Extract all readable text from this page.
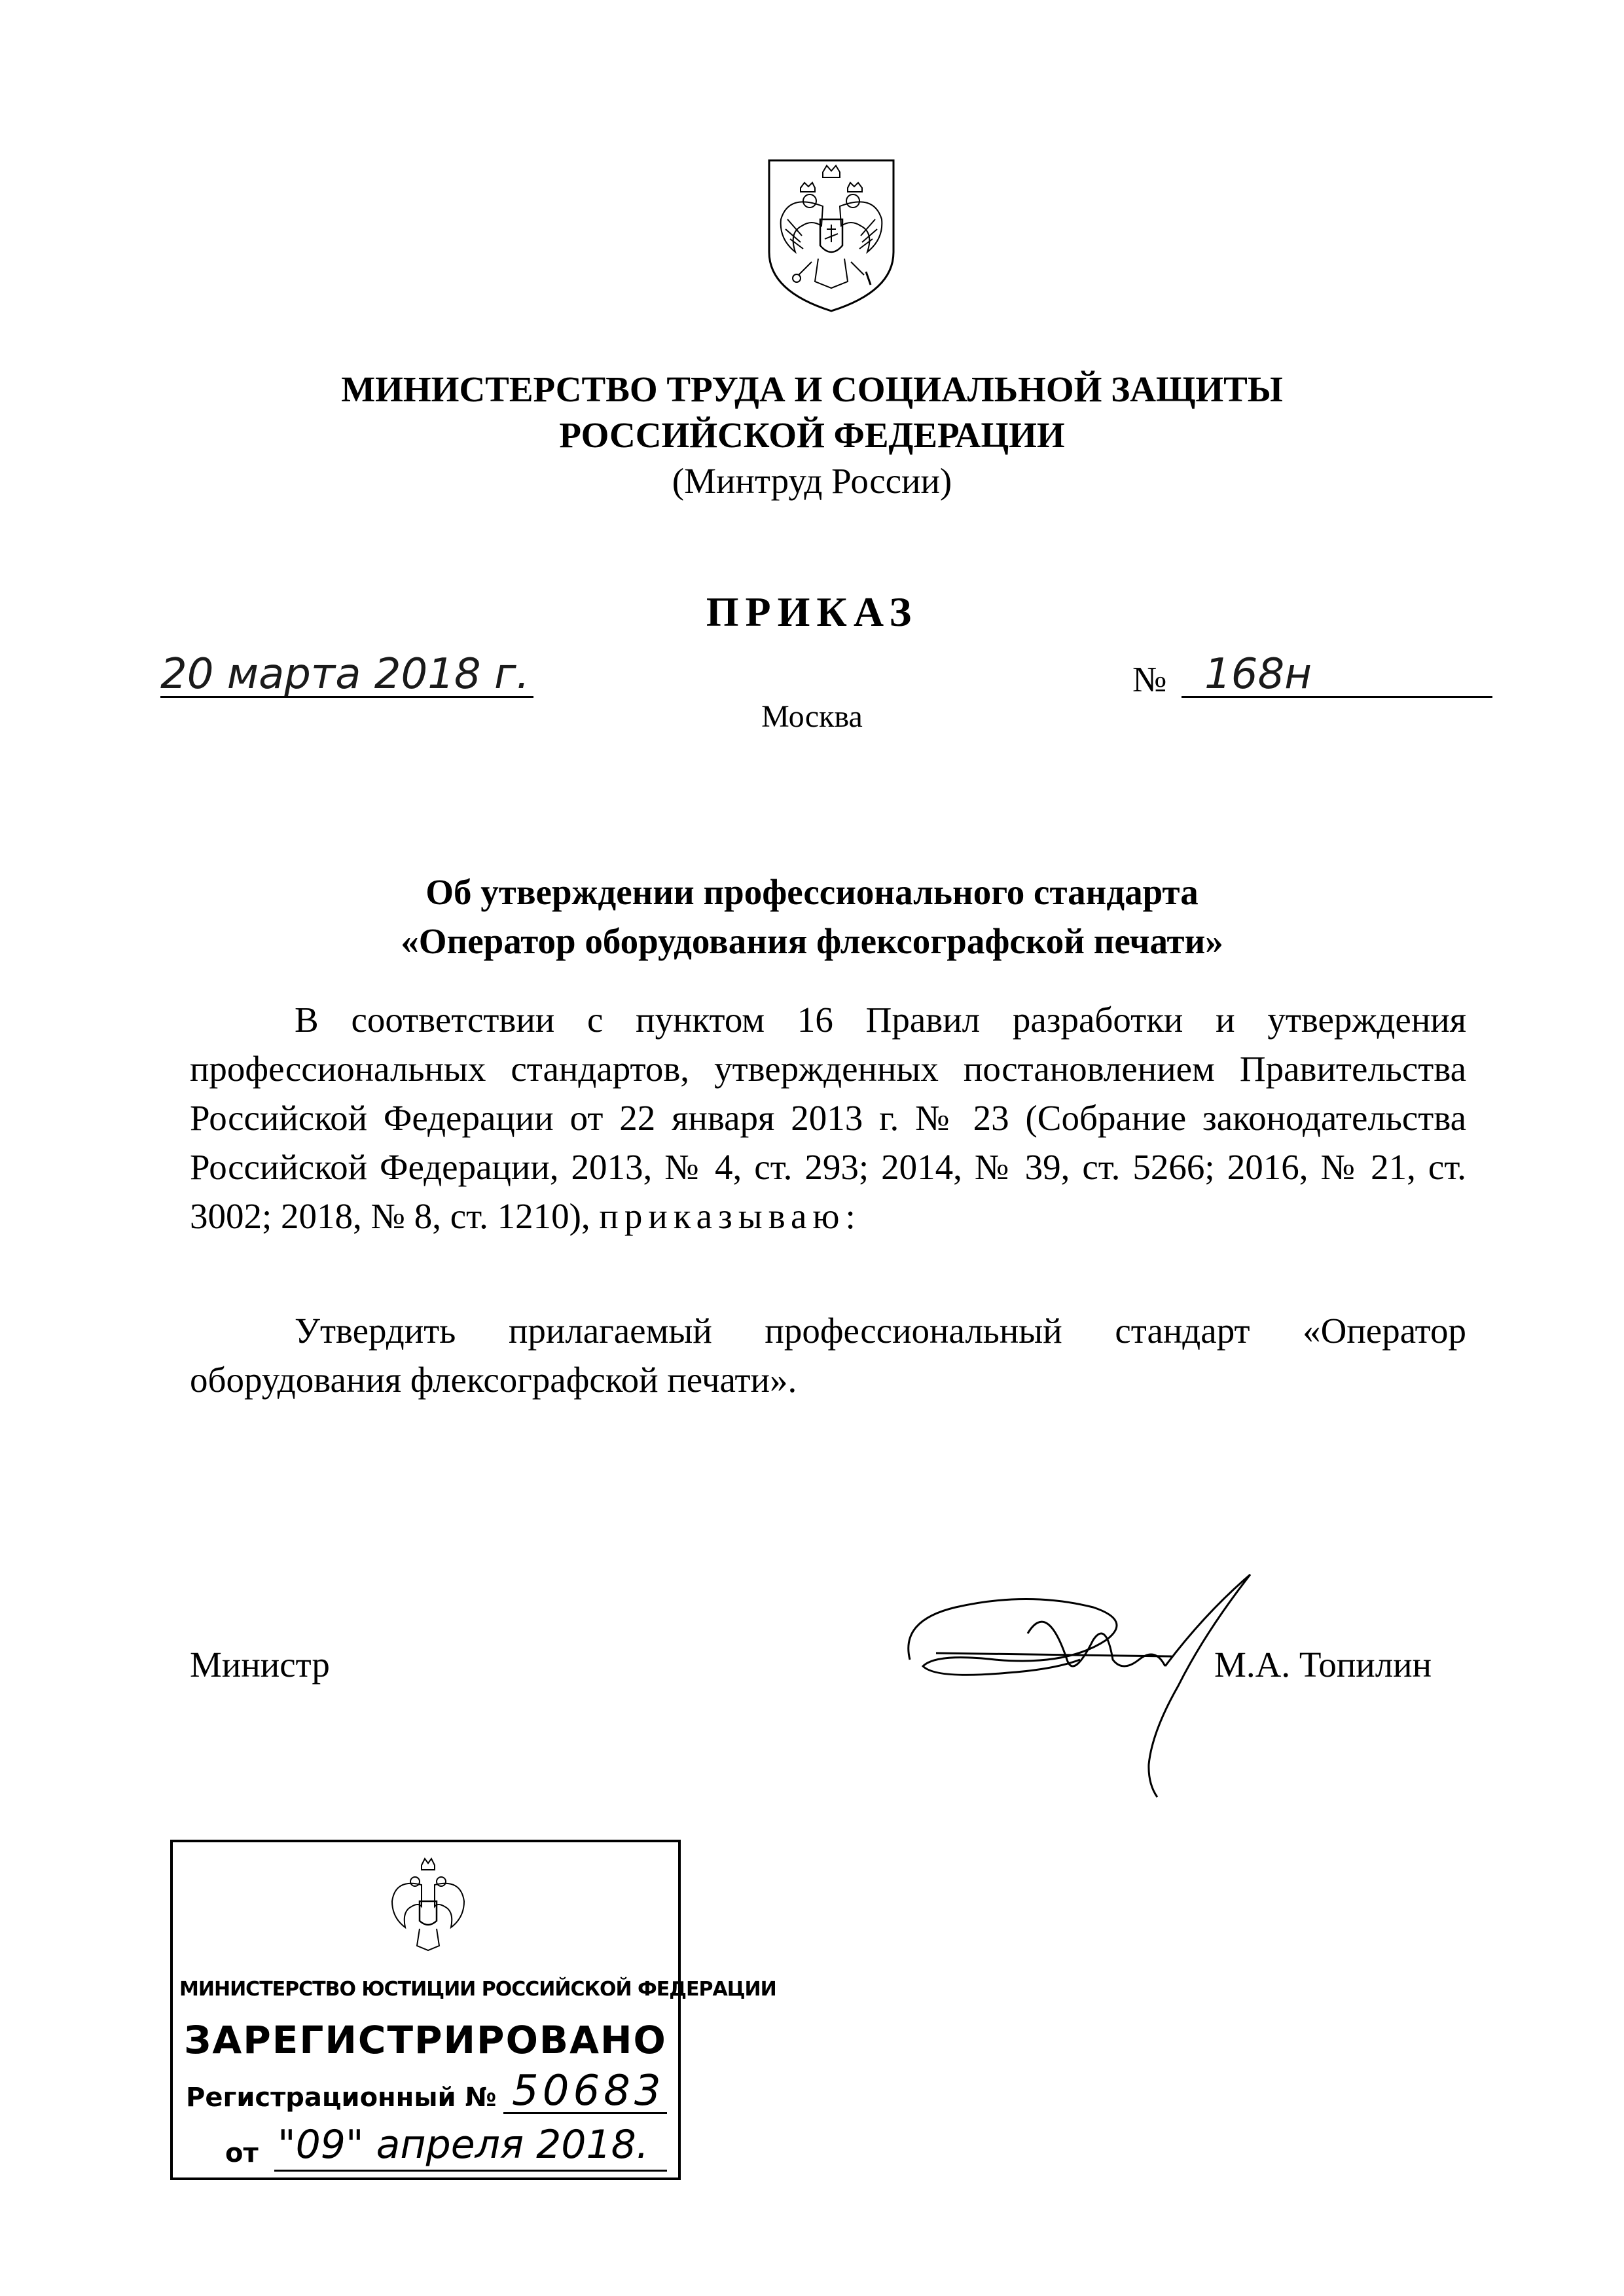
МИНИСТЕРСТВО ТРУДА И СОЦИАЛЬНОЙ ЗАЩИТЫ
РОССИЙСКОЙ ФЕДЕРАЦИИ
(Минтруд России)
ПРИКАЗ
20 марта 2018 г.	№ 168н
Москва
Об утверждении профессионального стандарта
«Оператор оборудования флексографской печати»

В соответствии с пунктом 16 Правил разработки и утверждения профессиональных стандартов, утвержденных постановлением Правительства Российской Федерации от 22 января 2013 г. № 23 (Собрание законодательства Российской Федерации, 2013, № 4, ст. 293; 2014, № 39, ст. 5266; 2016, № 21, ст. 3002; 2018, № 8, ст. 1210), приказываю:

Утвердить прилагаемый профессиональный стандарт «Оператор оборудования флексографской печати».

Министр	М.А. Топилин
МИНИСТЕРСТВО ЮСТИЦИИ РОССИЙСКОЙ ФЕДЕРАЦИИ
ЗАРЕГИСТРИРОВАНО
Регистрационный № 50683
от "09" апреля 2018.
